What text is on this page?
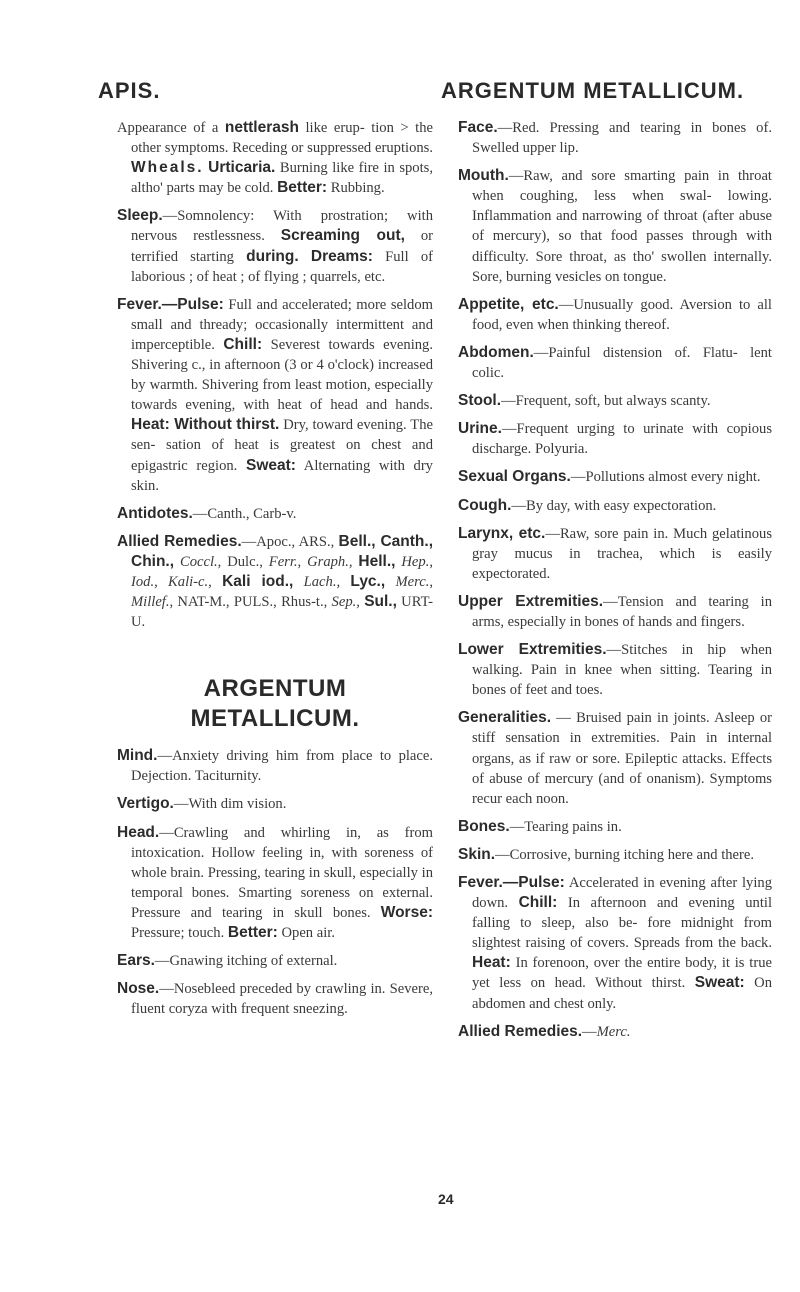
APIS.	ARGENTUM METALLICUM.

Appearance of a nettlerash like erup- tion > the other symptoms. Receding or suppressed eruptions. Wheals. Urticaria. Burning like fire in spots, altho' parts may be cold. Better: Rubbing.

Sleep.—Somnolency: With prostration; with nervous restlessness. Screaming out, or terrified starting during. Dreams: Full of laborious ; of heat ; of flying ; quarrels, etc.

Fever.—Pulse: Full and accelerated; more seldom small and thready; occasionally intermittent and imperceptible. Chill: Severest towards evening. Shivering c., in afternoon (3 or 4 o'clock) increased by warmth. Shivering from least motion, especially towards evening, with heat of head and hands. Heat: Without thirst. Dry, toward evening. The sen- sation of heat is greatest on chest and epigastric region. Sweat: Alternating with dry skin.

Antidotes.—Canth., Carb-v.

Allied Remedies.—Apoc., ARS., Bell., Canth., Chin., Coccl., Dulc., Ferr., Graph., Hell., Hep., Iod., Kali-c., Kali iod., Lach., Lyc., Merc., Millef., NAT-M., PULS., Rhus-t., Sep., Sul., URT-U.

ARGENTUM
METALLICUM.

Mind.—Anxiety driving him from place to place. Dejection. Taciturnity.

Vertigo.—With dim vision.

Head.—Crawling and whirling in, as from intoxication. Hollow feeling in, with soreness of whole brain. Pressing, tearing in skull, especially in temporal bones. Smarting soreness on external. Pressure and tearing in skull bones. Worse: Pressure; touch. Better: Open air.

Ears.—Gnawing itching of external.

Nose.—Nosebleed preceded by crawling in. Severe, fluent coryza with frequent sneezing.

Face.—Red. Pressing and tearing in bones of. Swelled upper lip.

Mouth.—Raw, and sore smarting pain in throat when coughing, less when swal- lowing. Inflammation and narrowing of throat (after abuse of mercury), so that food passes through with difficulty. Sore throat, as tho' swollen internally. Sore, burning vesicles on tongue.

Appetite, etc.—Unusually good. Aversion to all food, even when thinking thereof.

Abdomen.—Painful distension of. Flatu- lent colic.

Stool.—Frequent, soft, but always scanty.

Urine.—Frequent urging to urinate with copious discharge. Polyuria.

Sexual Organs.—Pollutions almost every night.

Cough.—By day, with easy expectoration.

Larynx, etc.—Raw, sore pain in. Much gelatinous gray mucus in trachea, which is easily expectorated.

Upper Extremities.—Tension and tearing in arms, especially in bones of hands and fingers.

Lower Extremities.—Stitches in hip when walking. Pain in knee when sitting. Tearing in bones of feet and toes.

Generalities. — Bruised pain in joints. Asleep or stiff sensation in extremities. Pain in internal organs, as if raw or sore. Epileptic attacks. Effects of abuse of mercury (and of onanism). Symptoms recur each noon.

Bones.—Tearing pains in.

Skin.—Corrosive, burning itching here and there.

Fever.—Pulse: Accelerated in evening after lying down. Chill: In afternoon and evening until falling to sleep, also be- fore midnight from slightest raising of covers. Spreads from the back. Heat: In forenoon, over the entire body, it is true yet less on head. Without thirst. Sweat: On abdomen and chest only.

Allied Remedies.—Merc.

24
